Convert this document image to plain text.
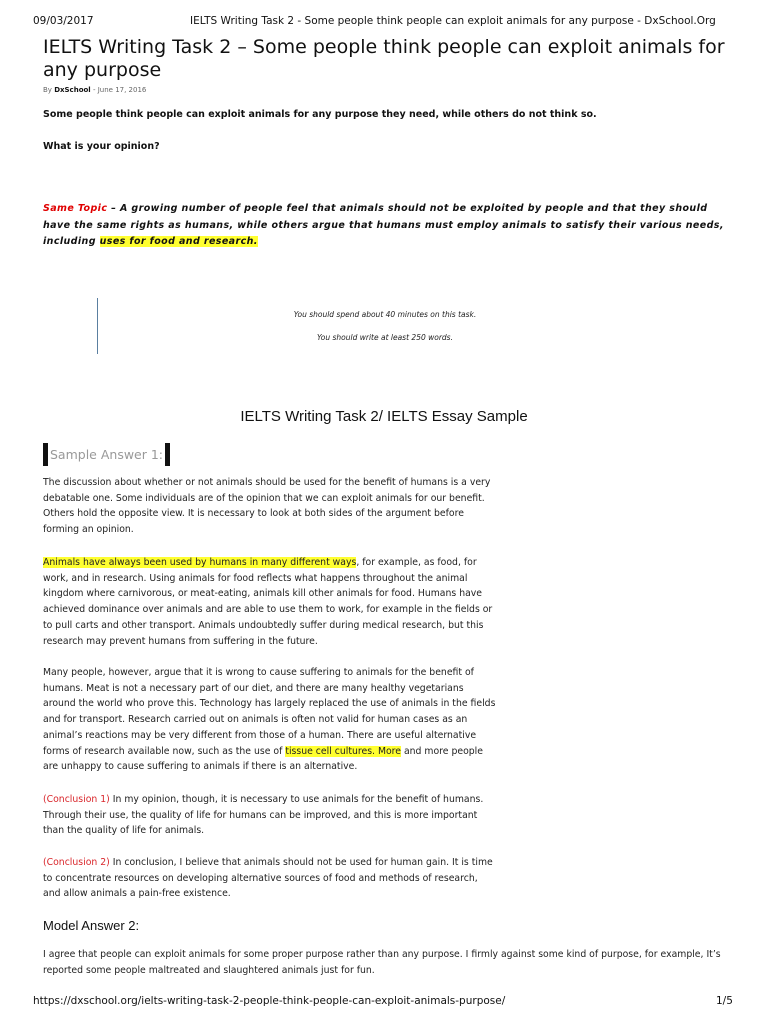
09/03/2017	IELTS Writing Task 2 - Some people think people can exploit animals for any purpose - DxSchool.Org
IELTS Writing Task 2 – Some people think people can exploit animals for any purpose
By DxSchool - June 17, 2016
Some people think people can exploit animals for any purpose they need, while others do not think so.
What is your opinion?
Same Topic – A growing number of people feel that animals should not be exploited by people and that they should have the same rights as humans, while others argue that humans must employ animals to satisfy their various needs, including uses for food and research.
You should spend about 40 minutes on this task.
You should write at least 250 words.
IELTS Writing Task 2/ IELTS Essay Sample
Sample Answer 1:

The discussion about whether or not animals should be used for the benefit of humans is a very debatable one. Some individuals are of the opinion that we can exploit animals for our benefit. Others hold the opposite view. It is necessary to look at both sides of the argument before forming an opinion.

Animals have always been used by humans in many different ways, for example, as food, for work, and in research. Using animals for food reflects what happens throughout the animal kingdom where carnivorous, or meat-eating, animals kill other animals for food. Humans have achieved dominance over animals and are able to use them to work, for example in the fields or to pull carts and other transport. Animals undoubtedly suffer during medical research, but this research may prevent humans from suffering in the future.

Many people, however, argue that it is wrong to cause suffering to animals for the benefit of humans. Meat is not a necessary part of our diet, and there are many healthy vegetarians around the world who prove this. Technology has largely replaced the use of animals in the fields and for transport. Research carried out on animals is often not valid for human cases as an animal’s reactions may be very different from those of a human. There are useful alternative forms of research available now, such as the use of tissue cell cultures. More and more people are unhappy to cause suffering to animals if there is an alternative.

(Conclusion 1) In my opinion, though, it is necessary to use animals for the benefit of humans. Through their use, the quality of life for humans can be improved, and this is more important than the quality of life for animals.

(Conclusion 2) In conclusion, I believe that animals should not be used for human gain. It is time to concentrate resources on developing alternative sources of food and methods of research, and allow animals a pain-free existence.

Model Answer 2:

I agree that people can exploit animals for some proper purpose rather than any purpose. I firmly against some kind of purpose, for example, It’s reported some people maltreated and slaughtered animals just for fun.

https://dxschool.org/ielts-writing-task-2-people-think-people-can-exploit-animals-purpose/	1/5
